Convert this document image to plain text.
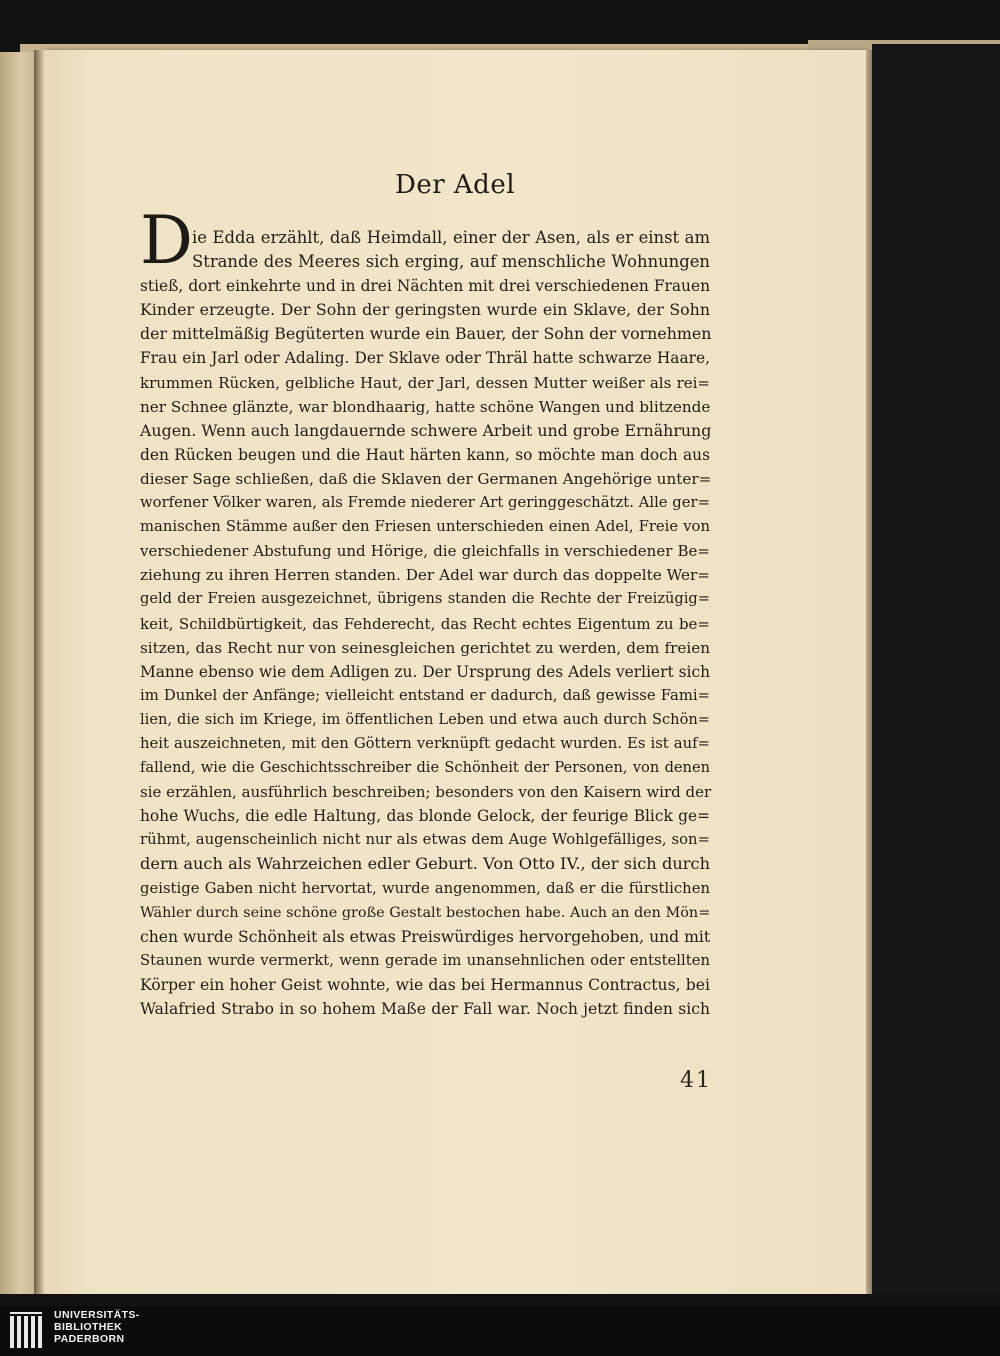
Der Adel
D ie Edda erzählt, daß Heimdall, einer der Asen, als er einst am
Strande des Meeres sich erging, auf menschliche Wohnungen
stieß, dort einkehrte und in drei Nächten mit drei verschiedenen Frauen
Kinder erzeugte. Der Sohn der geringsten wurde ein Sklave, der Sohn
der mittelmäßig Begüterten wurde ein Bauer, der Sohn der vornehmen
Frau ein Jarl oder Adaling. Der Sklave oder Thräl hatte schwarze Haare,
krummen Rücken, gelbliche Haut, der Jarl, dessen Mutter weißer als rei=
ner Schnee glänzte, war blondhaarig, hatte schöne Wangen und blitzende
Augen. Wenn auch langdauernde schwere Arbeit und grobe Ernährung
den Rücken beugen und die Haut härten kann, so möchte man doch aus
dieser Sage schließen, daß die Sklaven der Germanen Angehörige unter=
worfener Völker waren, als Fremde niederer Art geringgeschätzt. Alle ger=
manischen Stämme außer den Friesen unterschieden einen Adel, Freie von
verschiedener Abstufung und Hörige, die gleichfalls in verschiedener Be=
ziehung zu ihren Herren standen. Der Adel war durch das doppelte Wer=
geld der Freien ausgezeichnet, übrigens standen die Rechte der Freizügig=
keit, Schildbürtigkeit, das Fehderecht, das Recht echtes Eigentum zu be=
sitzen, das Recht nur von seinesgleichen gerichtet zu werden, dem freien
Manne ebenso wie dem Adligen zu. Der Ursprung des Adels verliert sich
im Dunkel der Anfänge; vielleicht entstand er dadurch, daß gewisse Fami=
lien, die sich im Kriege, im öffentlichen Leben und etwa auch durch Schön=
heit auszeichneten, mit den Göttern verknüpft gedacht wurden. Es ist auf=
fallend, wie die Geschichtsschreiber die Schönheit der Personen, von denen
sie erzählen, ausführlich beschreiben; besonders von den Kaisern wird der
hohe Wuchs, die edle Haltung, das blonde Gelock, der feurige Blick ge=
rühmt, augenscheinlich nicht nur als etwas dem Auge Wohlgefälliges, son=
dern auch als Wahrzeichen edler Geburt. Von Otto IV., der sich durch
geistige Gaben nicht hervortat, wurde angenommen, daß er die fürstlichen
Wähler durch seine schöne große Gestalt bestochen habe. Auch an den Mön=
chen wurde Schönheit als etwas Preiswürdiges hervorgehoben, und mit
Staunen wurde vermerkt, wenn gerade im unansehnlichen oder entstellten
Körper ein hoher Geist wohnte, wie das bei Hermannus Contractus, bei
Walafried Strabo in so hohem Maße der Fall war. Noch jetzt finden sich
41
UNIVERSITÄTS-
BIBLIOTHEK
PADERBORN
